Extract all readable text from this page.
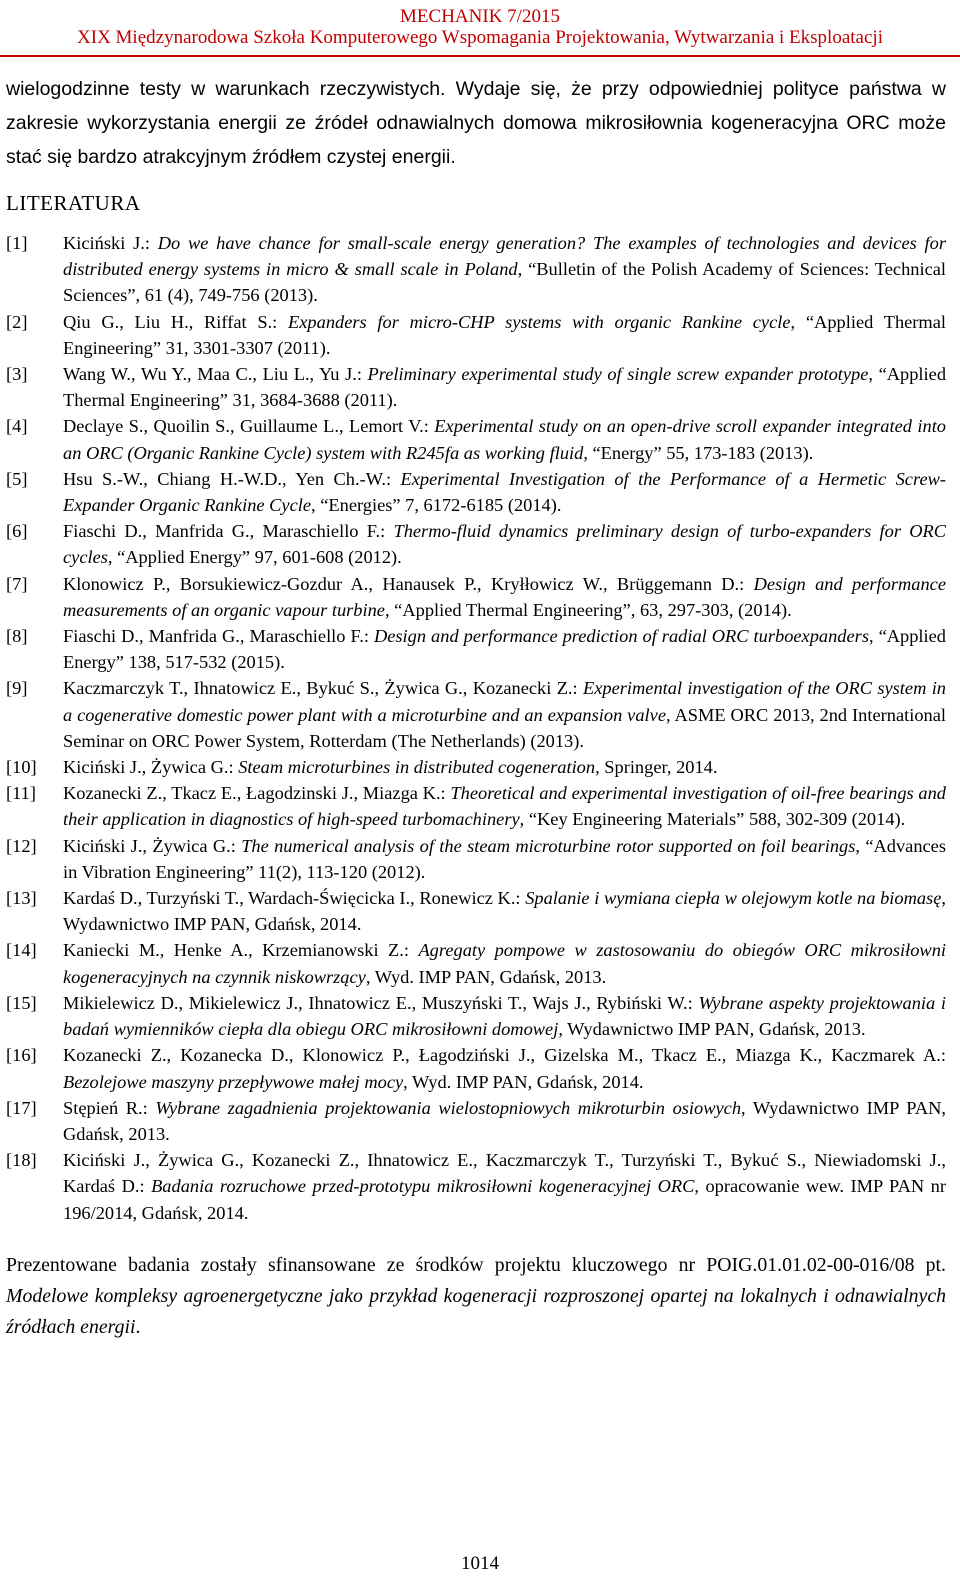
MECHANIK 7/2015
XIX Międzynarodowa Szkoła Komputerowego Wspomagania Projektowania, Wytwarzania i Eksploatacji

wielogodzinne testy w warunkach rzeczywistych. Wydaje się, że przy odpowiedniej polityce państwa w zakresie wykorzystania energii ze źródeł odnawialnych domowa mikrosiłownia kogeneracyjna ORC może stać się bardzo atrakcyjnym źródłem czystej energii.

LITERATURA
[1] Kiciński J.: Do we have chance for small-scale energy generation? The examples of technologies and devices for distributed energy systems in micro & small scale in Poland, “Bulletin of the Polish Academy of Sciences: Technical Sciences”, 61 (4), 749-756 (2013).
[2] Qiu G., Liu H., Riffat S.: Expanders for micro-CHP systems with organic Rankine cycle, “Applied Thermal Engineering” 31, 3301-3307 (2011).
[3] Wang W., Wu Y., Maa C., Liu L., Yu J.: Preliminary experimental study of single screw expander prototype, “Applied Thermal Engineering” 31, 3684-3688 (2011).
[4] Declaye S., Quoilin S., Guillaume L., Lemort V.: Experimental study on an open-drive scroll expander integrated into an ORC (Organic Rankine Cycle) system with R245fa as working fluid, “Energy” 55, 173-183 (2013).
[5] Hsu S.-W., Chiang H.-W.D., Yen Ch.-W.: Experimental Investigation of the Performance of a Hermetic Screw-Expander Organic Rankine Cycle, “Energies” 7, 6172-6185 (2014).
[6] Fiaschi D., Manfrida G., Maraschiello F.: Thermo-fluid dynamics preliminary design of turbo-expanders for ORC cycles, “Applied Energy” 97, 601-608 (2012).
[7] Klonowicz P., Borsukiewicz-Gozdur A., Hanausek P., Kryłłowicz W., Brüggemann D.: Design and performance measurements of an organic vapour turbine, “Applied Thermal Engineering”, 63, 297-303, (2014).
[8] Fiaschi D., Manfrida G., Maraschiello F.: Design and performance prediction of radial ORC turboexpanders, “Applied Energy” 138, 517-532 (2015).
[9] Kaczmarczyk T., Ihnatowicz E., Bykuć S., Żywica G., Kozanecki Z.: Experimental investigation of the ORC system in a cogenerative domestic power plant with a microturbine and an expansion valve, ASME ORC 2013, 2nd International Seminar on ORC Power System, Rotterdam (The Netherlands) (2013).
[10] Kiciński J., Żywica G.: Steam microturbines in distributed cogeneration, Springer, 2014.
[11] Kozanecki Z., Tkacz E., Łagodzinski J., Miazga K.: Theoretical and experimental investigation of oil-free bearings and their application in diagnostics of high-speed turbomachinery, “Key Engineering Materials” 588, 302-309 (2014).
[12] Kiciński J., Żywica G.: The numerical analysis of the steam microturbine rotor supported on foil bearings, “Advances in Vibration Engineering” 11(2), 113-120 (2012).
[13] Kardaś D., Turzyński T., Wardach-Święcicka I., Ronewicz K.: Spalanie i wymiana ciepła w olejowym kotle na biomasę, Wydawnictwo IMP PAN, Gdańsk, 2014.
[14] Kaniecki M., Henke A., Krzemianowski Z.: Agregaty pompowe w zastosowaniu do obiegów ORC mikrosiłowni kogeneracyjnych na czynnik niskowrzący, Wyd. IMP PAN, Gdańsk, 2013.
[15] Mikielewicz D., Mikielewicz J., Ihnatowicz E., Muszyński T., Wajs J., Rybiński W.: Wybrane aspekty projektowania i badań wymienników ciepła dla obiegu ORC mikrosiłowni domowej, Wydawnictwo IMP PAN, Gdańsk, 2013.
[16] Kozanecki Z., Kozanecka D., Klonowicz P., Łagodziński J., Gizelska M., Tkacz E., Miazga K., Kaczmarek A.: Bezolejowe maszyny przepływowe małej mocy, Wyd. IMP PAN, Gdańsk, 2014.
[17] Stępień R.: Wybrane zagadnienia projektowania wielostopniowych mikroturbin osiowych, Wydawnictwo IMP PAN, Gdańsk, 2013.
[18] Kiciński J., Żywica G., Kozanecki Z., Ihnatowicz E., Kaczmarczyk T., Turzyński T., Bykuć S., Niewiadomski J., Kardaś D.: Badania rozruchowe przed-prototypu mikrosiłowni kogeneracyjnej ORC, opracowanie wew. IMP PAN nr 196/2014, Gdańsk, 2014.

Prezentowane badania zostały sfinansowane ze środków projektu kluczowego nr POIG.01.01.02-00-016/08 pt. Modelowe kompleksy agroenergetyczne jako przykład kogeneracji rozproszonej opartej na lokalnych i odnawialnych źródłach energii.

1014
